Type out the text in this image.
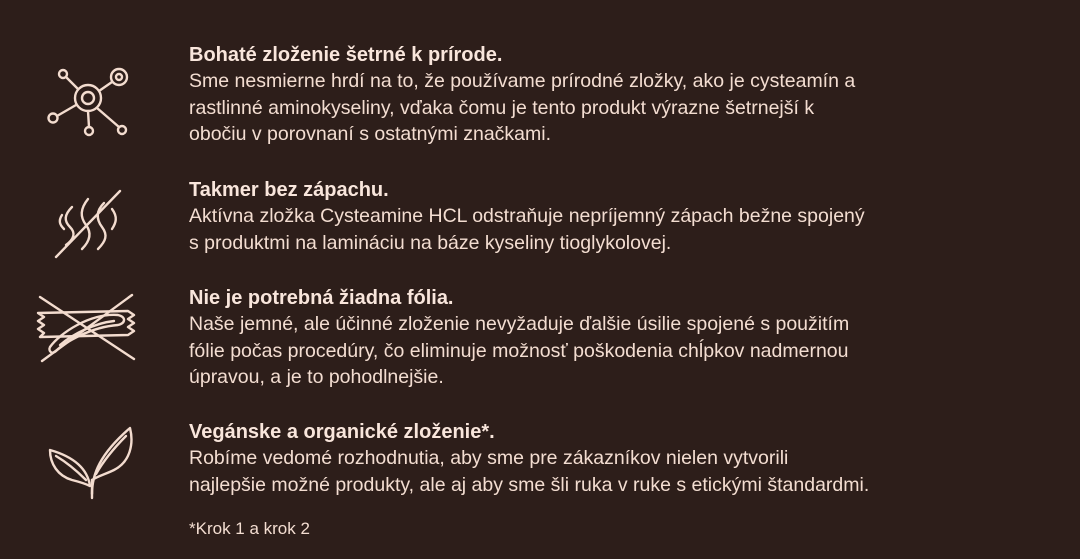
Bohaté zloženie šetrné k prírode.

Sme nesmierne hrdí na to, že používame prírodné zložky, ako je cysteamín a
rastlinné aminokyseliny, vďaka čomu je tento produkt výrazne šetrnejší k
obočiu v porovnaní s ostatnými značkami.

Takmer bez zápachu.

Aktívna zložka Cysteamine HCL odstraňuje nepríjemný zápach bežne spojený
s produktmi na lamináciu na báze kyseliny tioglykolovej.

Nie je potrebná žiadna fólia.

Naše jemné, ale účinné zloženie nevyžaduje ďalšie úsilie spojené s použitím
fólie počas procedúry, čo eliminuje možnosť poškodenia chĺpkov nadmernou
úpravou, a je to pohodlnejšie.

Vegánske a organické zloženie*.

Robíme vedomé rozhodnutia, aby sme pre zákazníkov nielen vytvorili
najlepšie možné produkty, ale aj aby sme šli ruka v ruke s etickými štandardmi.

*Krok 1 a krok 2
